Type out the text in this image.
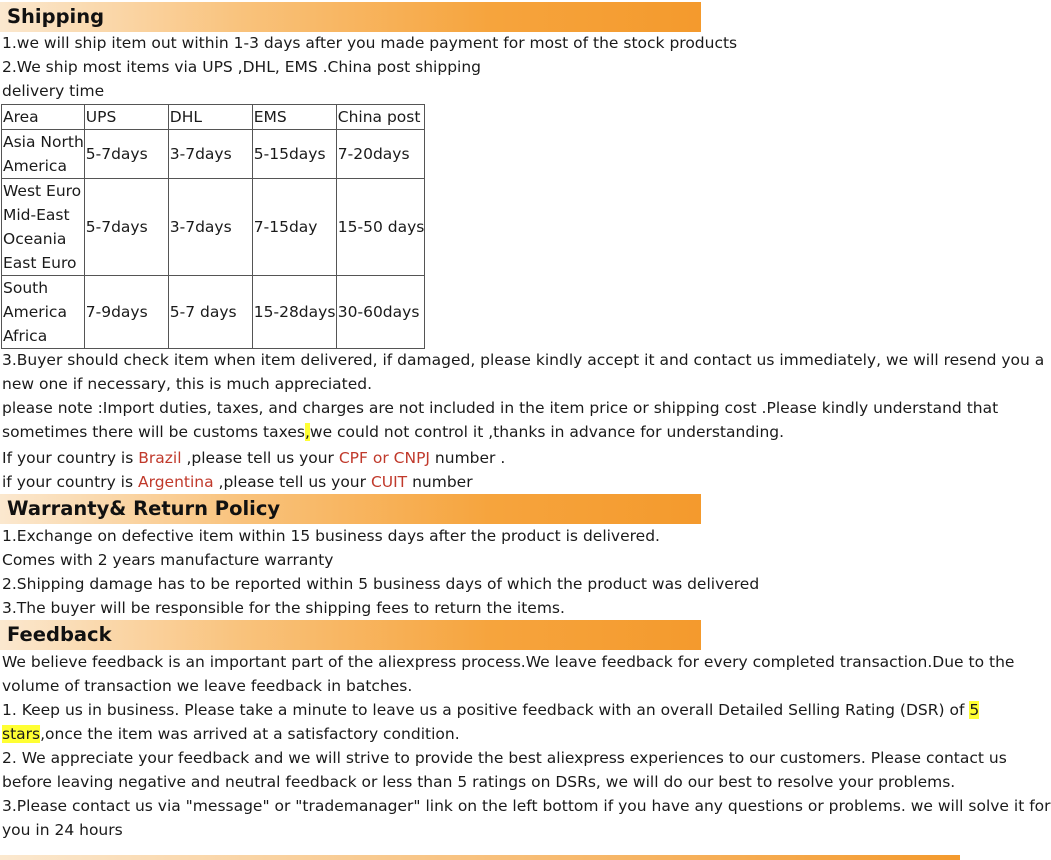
Shipping
1.we will ship item out within 1-3 days after you made payment for most of the stock products
2.We ship most items via UPS ,DHL, EMS .China post shipping
delivery time
Area	UPS	DHL	EMS	China post

Asia North
America	5-7days	3-7days	5-15days	7-20days

West Euro
Mid-East
Oceania
East Euro	5-7days	3-7days	7-15day	15-50 days

South
America
Africa	7-9days	5-7 days	15-28days	30-60days
3.Buyer should check item when item delivered, if damaged, please kindly accept it and contact us immediately, we will resend you a
new one if necessary, this is much appreciated.
please note :Import duties, taxes, and charges are not included in the item price or shipping cost .Please kindly understand that
sometimes there will be customs taxes,we could not control it ,thanks in advance for understanding.
If your country is Brazil ,please tell us your CPF or CNPJ number .
if your country is Argentina ,please tell us your CUIT number
Warranty& Return Policy
1.Exchange on defective item within 15 business days after the product is delivered.
Comes with 2 years manufacture warranty
2.Shipping damage has to be reported within 5 business days of which the product was delivered
3.The buyer will be responsible for the shipping fees to return the items.
Feedback
We believe feedback is an important part of the aliexpress process.We leave feedback for every completed transaction.Due to the
volume of transaction we leave feedback in batches.
1. Keep us in business. Please take a minute to leave us a positive feedback with an overall Detailed Selling Rating (DSR) of 5
stars,once the item was arrived at a satisfactory condition.
2. We appreciate your feedback and we will strive to provide the best aliexpress experiences to our customers. Please contact us
before leaving negative and neutral feedback or less than 5 ratings on DSRs, we will do our best to resolve your problems.
3.Please contact us via "message" or "trademanager" link on the left bottom if you have any questions or problems. we will solve it for
you in 24 hours
